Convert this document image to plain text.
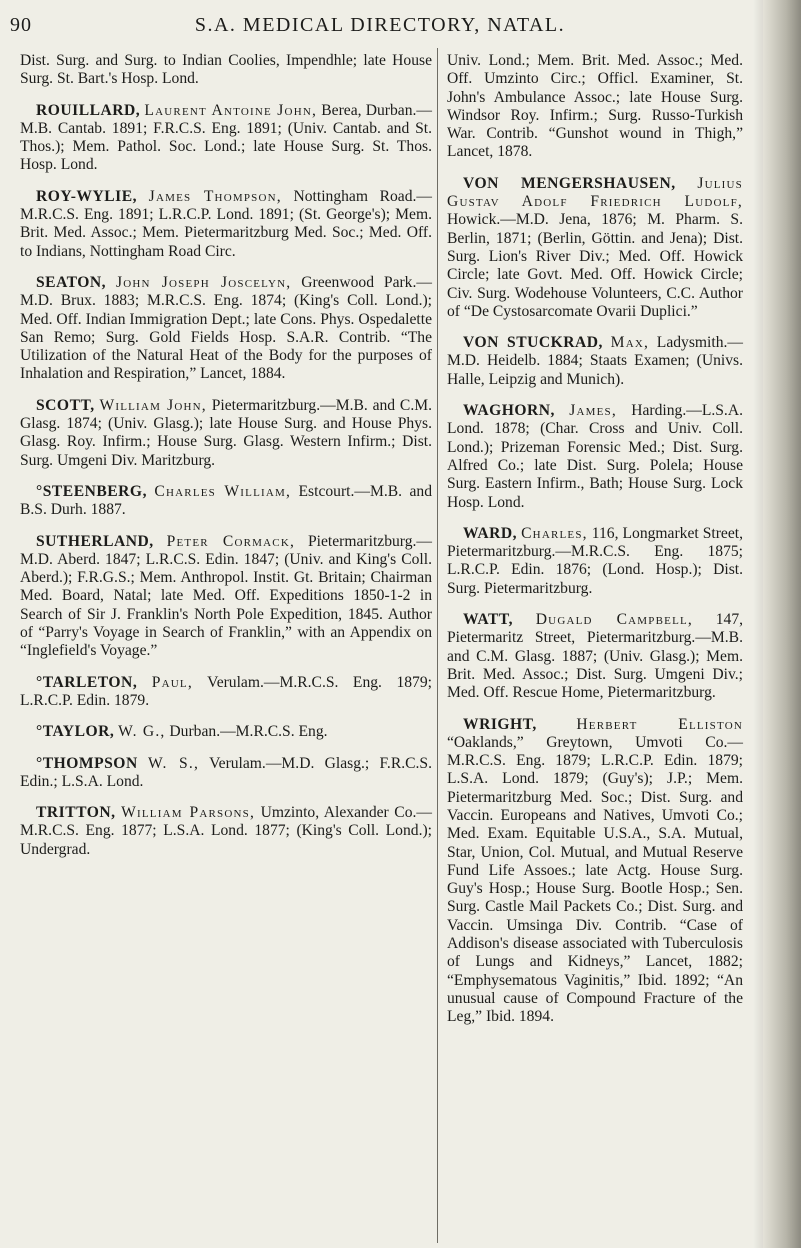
90	S.A. MEDICAL DIRECTORY, NATAL.

Dist. Surg. and Surg. to Indian Coolies, Impendhle; late House Surg. St. Bart.'s Hosp. Lond.

ROUILLARD, Laurent Antoine John, Berea, Durban.—M.B. Cantab. 1891; F.R.C.S. Eng. 1891; (Univ. Cantab. and St. Thos.); Mem. Pathol. Soc. Lond.; late House Surg. St. Thos. Hosp. Lond.

ROY-WYLIE, James Thompson, Nottingham Road.—M.R.C.S. Eng. 1891; L.R.C.P. Lond. 1891; (St. George's); Mem. Brit. Med. Assoc.; Mem. Pietermaritzburg Med. Soc.; Med. Off. to Indians, Nottingham Road Circ.

SEATON, John Joseph Joscelyn, Greenwood Park.—M.D. Brux. 1883; M.R.C.S. Eng. 1874; (King's Coll. Lond.); Med. Off. Indian Immigration Dept.; late Cons. Phys. Ospedalette San Remo; Surg. Gold Fields Hosp. S.A.R. Contrib. “The Utilization of the Natural Heat of the Body for the purposes of Inhalation and Respiration,” Lancet, 1884.

SCOTT, William John, Pietermaritzburg.—M.B. and C.M. Glasg. 1874; (Univ. Glasg.); late House Surg. and House Phys. Glasg. Roy. Infirm.; House Surg. Glasg. Western Infirm.; Dist. Surg. Umgeni Div. Maritzburg.

°STEENBERG, Charles William, Estcourt.—M.B. and B.S. Durh. 1887.

SUTHERLAND, Peter Cormack, Pietermaritzburg.—M.D. Aberd. 1847; L.R.C.S. Edin. 1847; (Univ. and King's Coll. Aberd.); F.R.G.S.; Mem. Anthropol. Instit. Gt. Britain; Chairman Med. Board, Natal; late Med. Off. Expeditions 1850-1-2 in Search of Sir J. Franklin's North Pole Expedition, 1845. Author of “Parry's Voyage in Search of Franklin,” with an Appendix on “Inglefield's Voyage.”

°TARLETON, Paul, Verulam.—M.R.C.S. Eng. 1879; L.R.C.P. Edin. 1879.

°TAYLOR, W. G., Durban.—M.R.C.S. Eng.

°THOMPSON W. S., Verulam.—M.D. Glasg.; F.R.C.S. Edin.; L.S.A. Lond.

TRITTON, William Parsons, Umzinto, Alexander Co.—M.R.C.S. Eng. 1877; L.S.A. Lond. 1877; (King's Coll. Lond.); Undergrad.

Univ. Lond.; Mem. Brit. Med. Assoc.; Med. Off. Umzinto Circ.; Officl. Examiner, St. John's Ambulance Assoc.; late House Surg. Windsor Roy. Infirm.; Surg. Russo-Turkish War. Contrib. “Gunshot wound in Thigh,” Lancet, 1878.

VON MENGERSHAUSEN, Julius Gustav Adolf Friedrich Ludolf, Howick.—M.D. Jena, 1876; M. Pharm. S. Berlin, 1871; (Berlin, Göttin. and Jena); Dist. Surg. Lion's River Div.; Med. Off. Howick Circle; late Govt. Med. Off. Howick Circle; Civ. Surg. Wodehouse Volunteers, C.C. Author of “De Cystosarcomate Ovarii Duplici.”

VON STUCKRAD, Max, Ladysmith.—M.D. Heidelb. 1884; Staats Examen; (Univs. Halle, Leipzig and Munich).

WAGHORN, James, Harding.—L.S.A. Lond. 1878; (Char. Cross and Univ. Coll. Lond.); Prizeman Forensic Med.; Dist. Surg. Alfred Co.; late Dist. Surg. Polela; House Surg. Eastern Infirm., Bath; House Surg. Lock Hosp. Lond.

WARD, Charles, 116, Longmarket Street, Pietermaritzburg.—M.R.C.S. Eng. 1875; L.R.C.P. Edin. 1876; (Lond. Hosp.); Dist. Surg. Pietermaritzburg.

WATT, Dugald Campbell, 147, Pietermaritz Street, Pietermaritzburg.—M.B. and C.M. Glasg. 1887; (Univ. Glasg.); Mem. Brit. Med. Assoc.; Dist. Surg. Umgeni Div.; Med. Off. Rescue Home, Pietermaritzburg.

WRIGHT,	Herbert Elliston “Oaklands,” Greytown, Umvoti Co.—M.R.C.S. Eng. 1879; L.R.C.P. Edin. 1879; L.S.A. Lond. 1879; (Guy's); J.P.; Mem. Pietermaritzburg Med. Soc.; Dist. Surg. and Vaccin. Europeans and Natives, Umvoti Co.; Med. Exam. Equitable U.S.A., S.A. Mutual, Star, Union, Col. Mutual, and Mutual Reserve Fund Life Assoes.; late Actg. House Surg. Guy's Hosp.; House Surg. Bootle Hosp.; Sen. Surg. Castle Mail Packets Co.; Dist. Surg. and Vaccin. Umsinga Div. Contrib. “Case of Addison's disease associated with Tuberculosis of Lungs and Kidneys,” Lancet, 1882; “Emphysematous Vaginitis,” Ibid. 1892; “An unusual cause of Compound Fracture of the Leg,” Ibid. 1894.
